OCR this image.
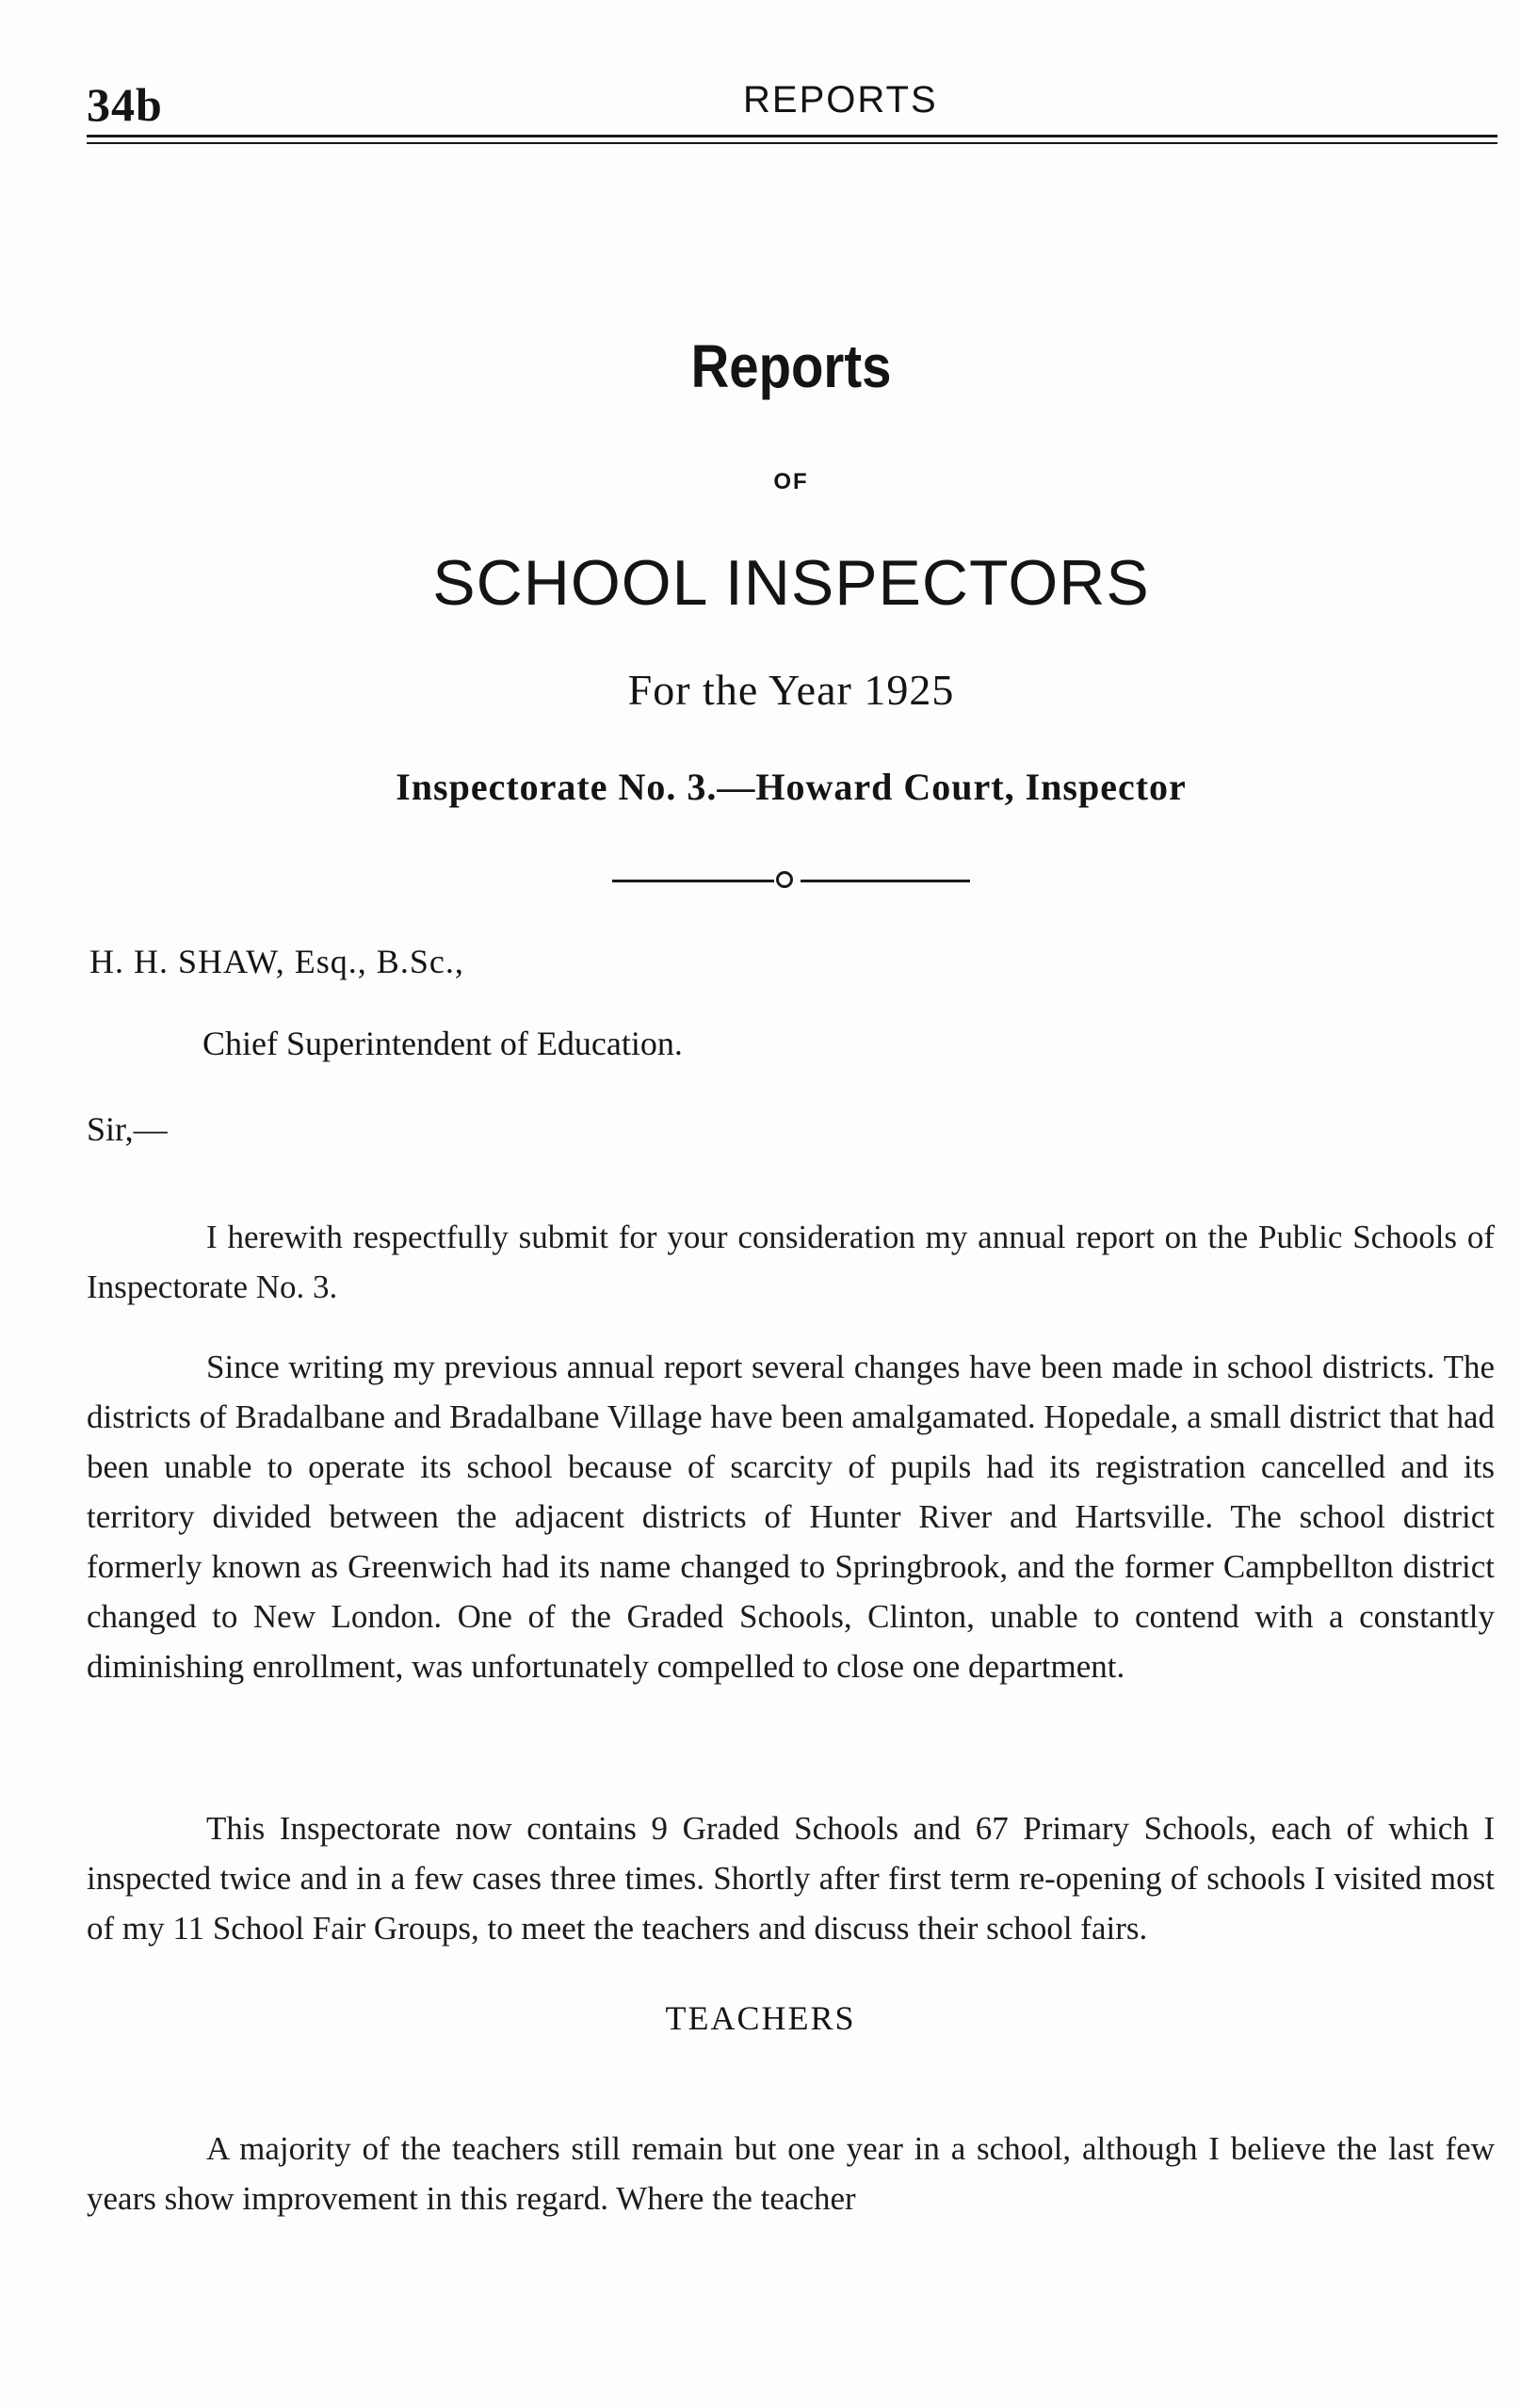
34b	REPORTS
Reports
OF
SCHOOL INSPECTORS
For the Year 1925
Inspectorate No. 3.—Howard Court, Inspector
H. H. SHAW, Esq., B.Sc.,
Chief Superintendent of Education.
Sir,—

I herewith respectfully submit for your consideration my annual report on the Public Schools of Inspectorate No. 3.

Since writing my previous annual report several changes have been made in school districts. The districts of Bradalbane and Bradalbane Village have been amalgamated. Hopedale, a small district that had been unable to operate its school because of scarcity of pupils had its registration cancelled and its territory divided between the adjacent districts of Hunter River and Hartsville. The school district formerly known as Greenwich had its name changed to Springbrook, and the former Campbellton district changed to New London. One of the Graded Schools, Clinton, unable to contend with a constantly diminishing enrollment, was unfortunately compelled to close one department.

This Inspectorate now contains 9 Graded Schools and 67 Primary Schools, each of which I inspected twice and in a few cases three times. Shortly after first term re-opening of schools I visited most of my 11 School Fair Groups, to meet the teachers and discuss their school fairs.

TEACHERS

A majority of the teachers still remain but one year in a school, although I believe the last few years show improvement in this regard. Where the teacher
